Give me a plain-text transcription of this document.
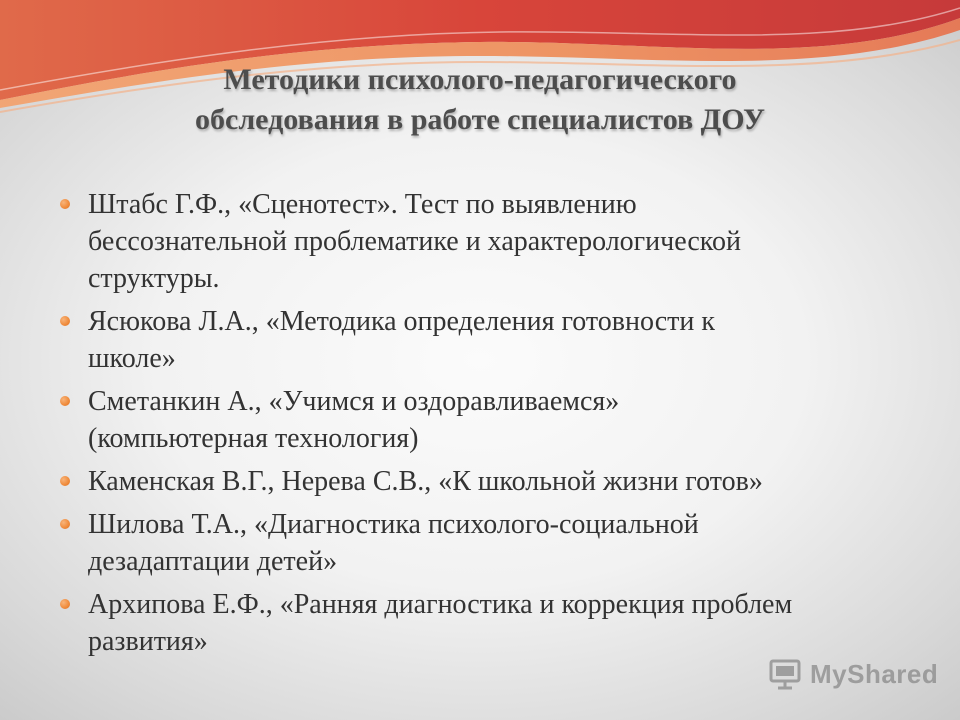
Методики психолого-педагогического
обследования в работе специалистов ДОУ
Штабс Г.Ф., «Сценотест». Тест по выявлению
бессознательной проблематике и характерологической
структуры.
Ясюкова Л.А., «Методика определения готовности к
школе»
Сметанкин А., «Учимся и оздоравливаемся»
(компьютерная технология)
Каменская В.Г., Нерева С.В., «К школьной жизни готов»
Шилова Т.А., «Диагностика психолого-социальной
дезадаптации детей»
Архипова Е.Ф., «Ранняя диагностика и коррекция проблем
развития»
MyShared
